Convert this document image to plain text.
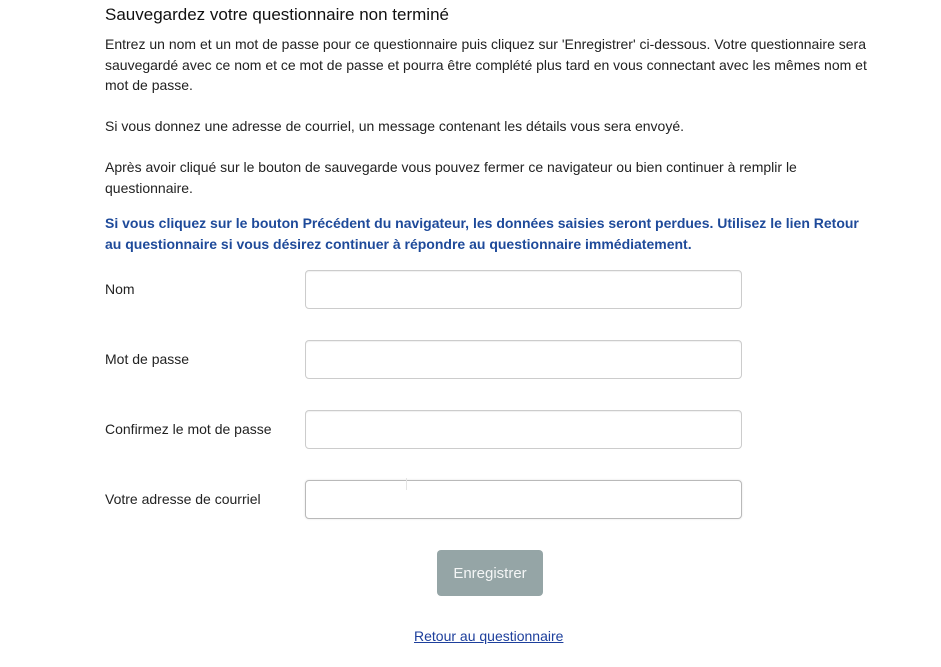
Sauvegardez votre questionnaire non terminé

Entrez un nom et un mot de passe pour ce questionnaire puis cliquez sur 'Enregistrer' ci-dessous. Votre questionnaire sera sauvegardé avec ce nom et ce mot de passe et pourra être complété plus tard en vous connectant avec les mêmes nom et mot de passe.

Si vous donnez une adresse de courriel, un message contenant les détails vous sera envoyé.

Après avoir cliqué sur le bouton de sauvegarde vous pouvez fermer ce navigateur ou bien continuer à remplir le questionnaire.

Si vous cliquez sur le bouton Précédent du navigateur, les données saisies seront perdues. Utilisez le lien Retour au questionnaire si vous désirez continuer à répondre au questionnaire immédiatement.

Nom
Mot de passe
Confirmez le mot de passe
Votre adresse de courriel
Enregistrer
Retour au questionnaire
